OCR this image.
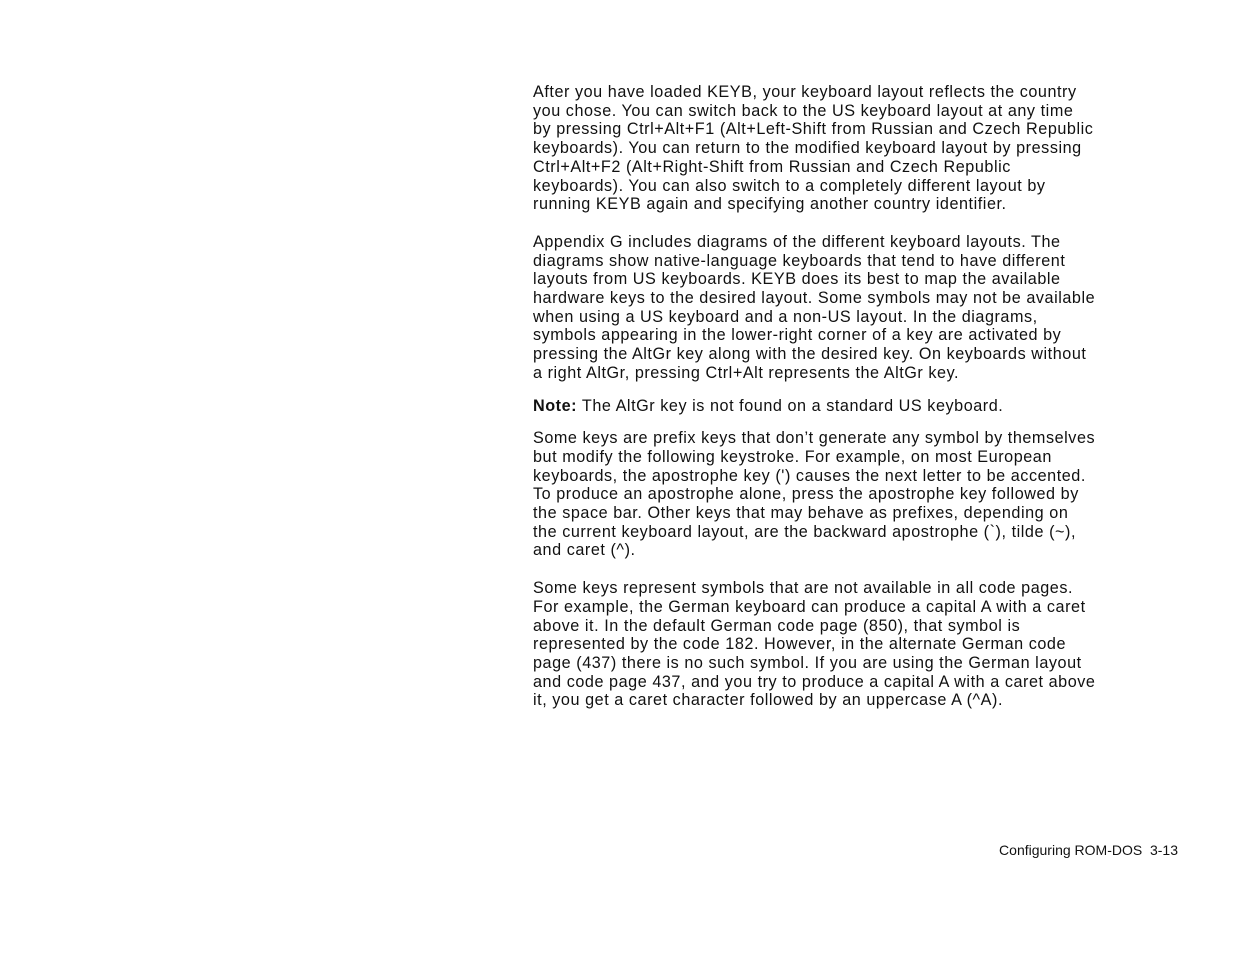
After you have loaded KEYB, your keyboard layout reflects the country
you chose. You can switch back to the US keyboard layout at any time
by pressing Ctrl+Alt+F1 (Alt+Left-Shift from Russian and Czech Republic
keyboards). You can return to the modified keyboard layout by pressing
Ctrl+Alt+F2 (Alt+Right-Shift from Russian and Czech Republic
keyboards). You can also switch to a completely different layout by
running KEYB again and specifying another country identifier.

Appendix G includes diagrams of the different keyboard layouts. The
diagrams show native-language keyboards that tend to have different
layouts from US keyboards. KEYB does its best to map the available
hardware keys to the desired layout. Some symbols may not be available
when using a US keyboard and a non-US layout. In the diagrams,
symbols appearing in the lower-right corner of a key are activated by
pressing the AltGr key along with the desired key. On keyboards without
a right AltGr, pressing Ctrl+Alt represents the AltGr key.

Note: The AltGr key is not found on a standard US keyboard.

Some keys are prefix keys that don’t generate any symbol by themselves
but modify the following keystroke. For example, on most European
keyboards, the apostrophe key (') causes the next letter to be accented.
To produce an apostrophe alone, press the apostrophe key followed by
the space bar. Other keys that may behave as prefixes, depending on
the current keyboard layout, are the backward apostrophe (`), tilde (~),
and caret (^).

Some keys represent symbols that are not available in all code pages.
For example, the German keyboard can produce a capital A with a caret
above it. In the default German code page (850), that symbol is
represented by the code 182. However, in the alternate German code
page (437) there is no such symbol. If you are using the German layout
and code page 437, and you try to produce a capital A with a caret above
it, you get a caret character followed by an uppercase A (^A).

Configuring ROM-DOS  3-13
